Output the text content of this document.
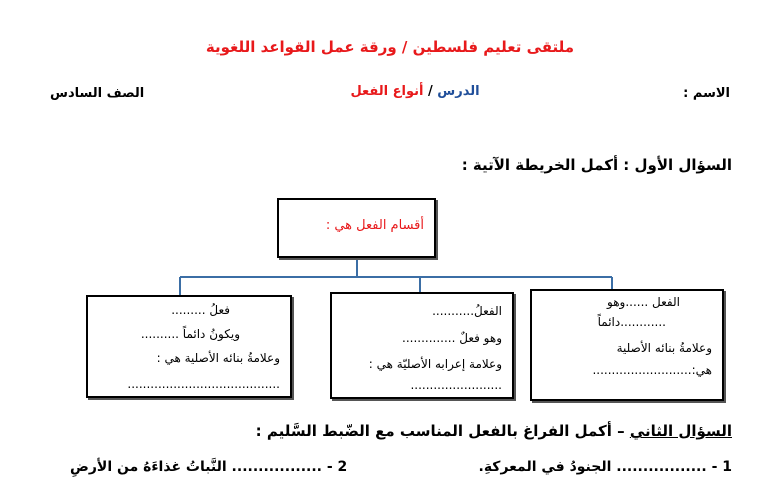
ملتقى تعليم فلسطين / ورقة عمل القواعد اللغوية
الاسم :
الدرس / أنواع الفعل
الصف السادس
السؤال الأول : أكمل الخريطة الآتية :
أقسام الفعل هي :
الفعل ......وهو
............دائماً
وعلامةُ بنائه الأصلية
هي:..........................
الفعلُ...........
وهو فعلٌ ..............
وعلامة إعرابه الأصليّة هي :
........................
فعلُ .........
ويكونُ دائماً ..........
وعلامةُ بنائه الأصلية هي :
........................................
السؤال الثاني – أكمل الفراغ بالفعل المناسب مع الضّبط السَّليم :
1 - ................. الجنودُ في المعركةِ.
2 - ................. النَّباتُ غذاءَهُ من الأرضِ
